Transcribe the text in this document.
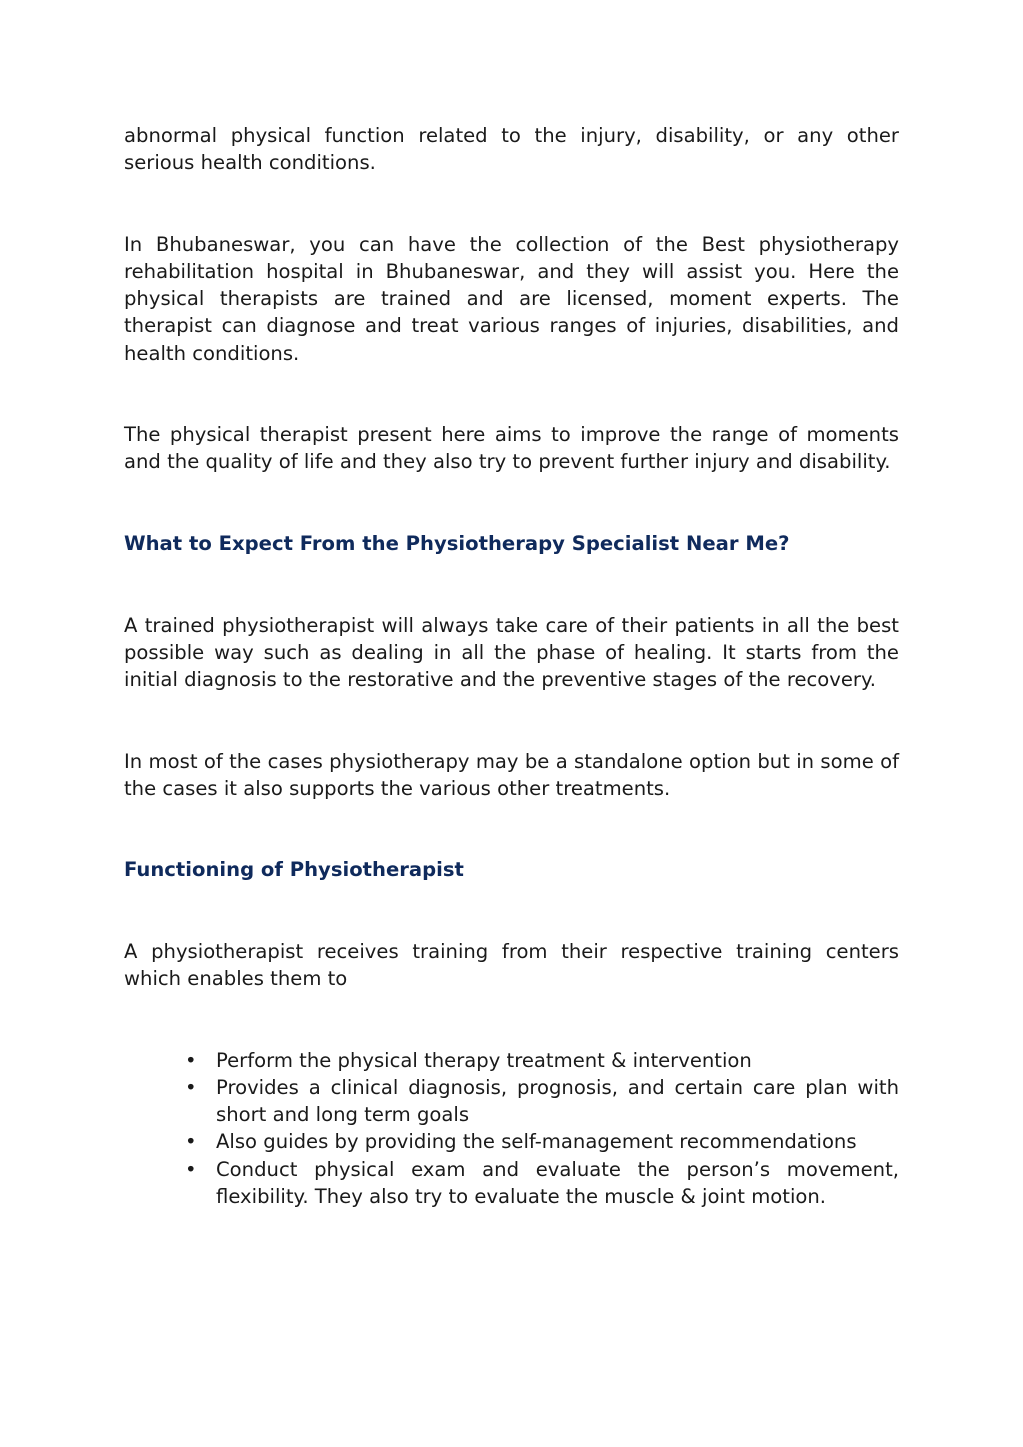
abnormal physical function related to the injury, disability, or any other serious health conditions.

In Bhubaneswar, you can have the collection of the Best physiotherapy rehabilitation hospital in Bhubaneswar, and they will assist you. Here the physical therapists are trained and are licensed, moment experts. The therapist can diagnose and treat various ranges of injuries, disabilities, and health conditions.

The physical therapist present here aims to improve the range of moments and the quality of life and they also try to prevent further injury and disability.

What to Expect From the Physiotherapy Specialist Near Me?

A trained physiotherapist will always take care of their patients in all the best possible way such as dealing in all the phase of healing. It starts from the initial diagnosis to the restorative and the preventive stages of the recovery.

In most of the cases physiotherapy may be a standalone option but in some of the cases it also supports the various other treatments.

Functioning of Physiotherapist

A physiotherapist receives training from their respective training centers which enables them to

• Perform the physical therapy treatment & intervention
• Provides a clinical diagnosis, prognosis, and certain care plan with short and long term goals
• Also guides by providing the self-management recommendations
• Conduct physical exam and evaluate the person’s movement, flexibility. They also try to evaluate the muscle & joint motion.
